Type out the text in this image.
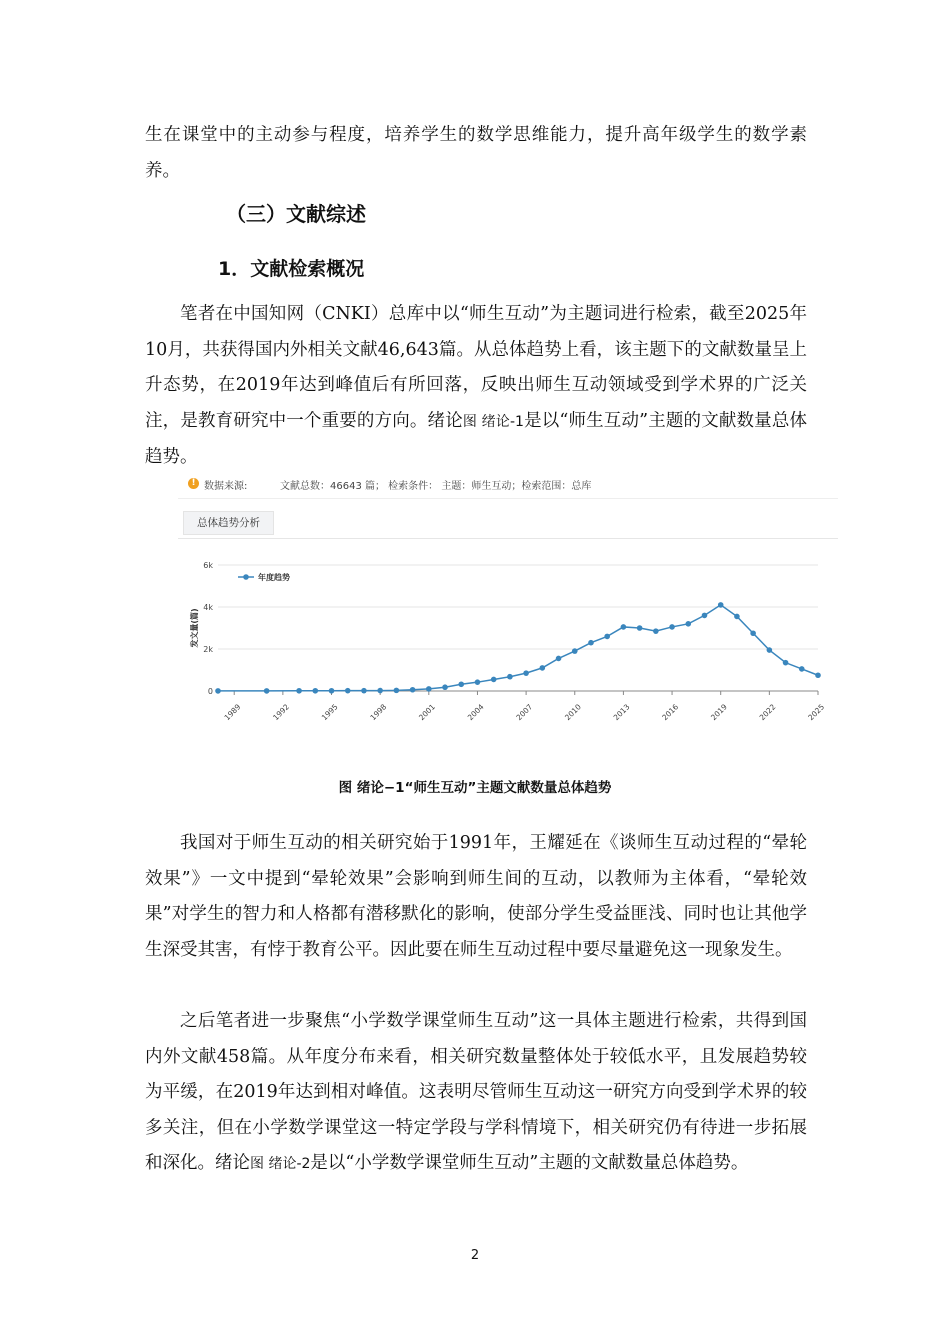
生在课堂中的主动参与程度，培养学生的数学思维能力，提升高年级学生的数学素养。

（三）文献综述
1．文献检索概况

笔者在中国知网（CNKI）总库中以“师生互动”为主题词进行检索，截至2025年10月，共获得国内外相关文献46,643篇。从总体趋势上看，该主题下的文献数量呈上升态势，在2019年达到峰值后有所回落，反映出师生互动领域受到学术界的广泛关注，是教育研究中一个重要的方向。绪论图 绪论-1是以“师生互动”主题的文献数量总体趋势。

! 数据来源:	文献总数：46643 篇； 检索条件： 主题：师生互动；检索范围：总库
总体趋势分析
0
2k
4k
6k
发文量(篇)
1989	1992	1995	1998	2001	2004	2007	2010	2013	2016	2019	2022	2025
年度趋势
图 绪论−1“师生互动”主题文献数量总体趋势

我国对于师生互动的相关研究始于1991年，王耀延在《谈师生互动过程的“晕轮效果”》一文中提到“晕轮效果”会影响到师生间的互动，以教师为主体看，“晕轮效果”对学生的智力和人格都有潜移默化的影响，使部分学生受益匪浅、同时也让其他学生深受其害，有悖于教育公平。因此要在师生互动过程中要尽量避免这一现象发生。

之后笔者进一步聚焦“小学数学课堂师生互动”这一具体主题进行检索，共得到国内外文献458篇。从年度分布来看，相关研究数量整体处于较低水平，且发展趋势较为平缓，在2019年达到相对峰值。这表明尽管师生互动这一研究方向受到学术界的较多关注，但在小学数学课堂这一特定学段与学科情境下，相关研究仍有待进一步拓展和深化。绪论图 绪论-2是以“小学数学课堂师生互动”主题的文献数量总体趋势。

2
